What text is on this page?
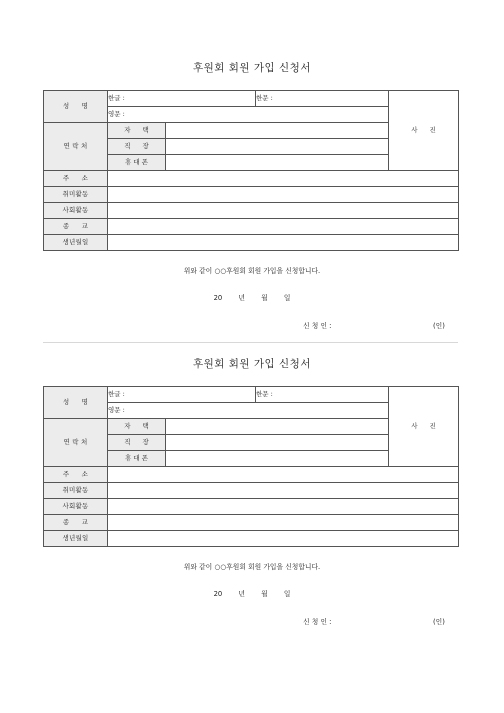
후원회 회원 가입 신청서
성 명	한글 :		한문 :	사 진
	영문 :			
연 락 처	자 택			
	직 장			
	휴 대 폰			
주 소				
취미활동				
사회활동				
종 교				
생년월일				
위와 같이 ○○후원회 회원 가입을 신청합니다.
20 년 월 일
신 청 인 :	(인)
후원회 회원 가입 신청서
성 명	한글 :		한문 :	사 진
	영문 :			
연 락 처	자 택			
	직 장			
	휴 대 폰			
주 소				
취미활동				
사회활동				
종 교				
생년월일				
위와 같이 ○○후원회 회원 가입을 신청합니다.
20 년 월 일
신 청 인 :	(인)
